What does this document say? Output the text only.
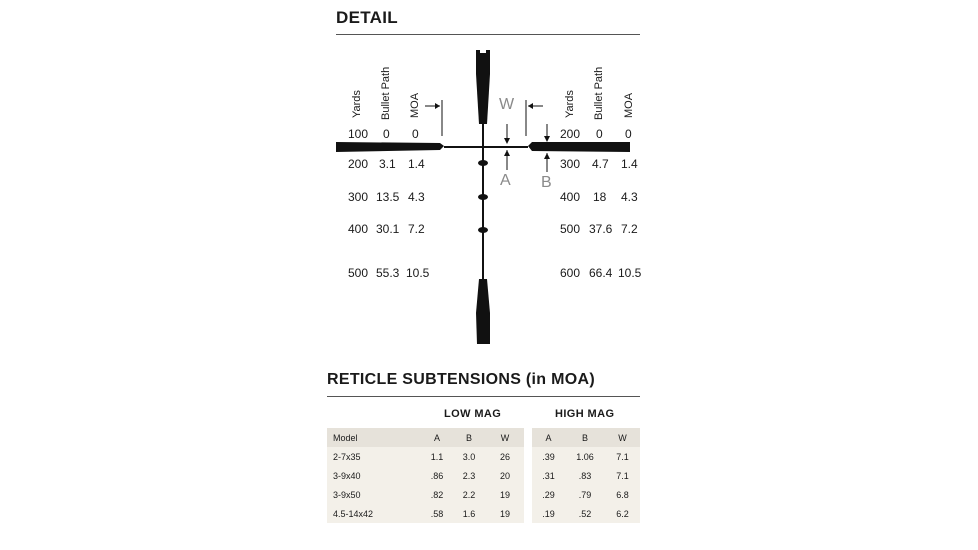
DETAIL
W
A B
Yards Bullet Path MOA
100 0 0
200 3.1 1.4
300 13.5 4.3
400 30.1 7.2
500 55.3 10.5
Yards Bullet Path MOA
200 0 0
300 4.7 1.4
400 18 4.3
500 37.6 7.2
600 66.4 10.5
RETICLE SUBTENSIONS (in MOA)
LOW MAG	HIGH MAG
Model	A	B	W		A	B	W
2-7x35	1.1	3.0	26		.39	1.06	7.1
3-9x40	.86	2.3	20		.31	.83	7.1
3-9x50	.82	2.2	19		.29	.79	6.8
4.5-14x42	.58	1.6	19		.19	.52	6.2
